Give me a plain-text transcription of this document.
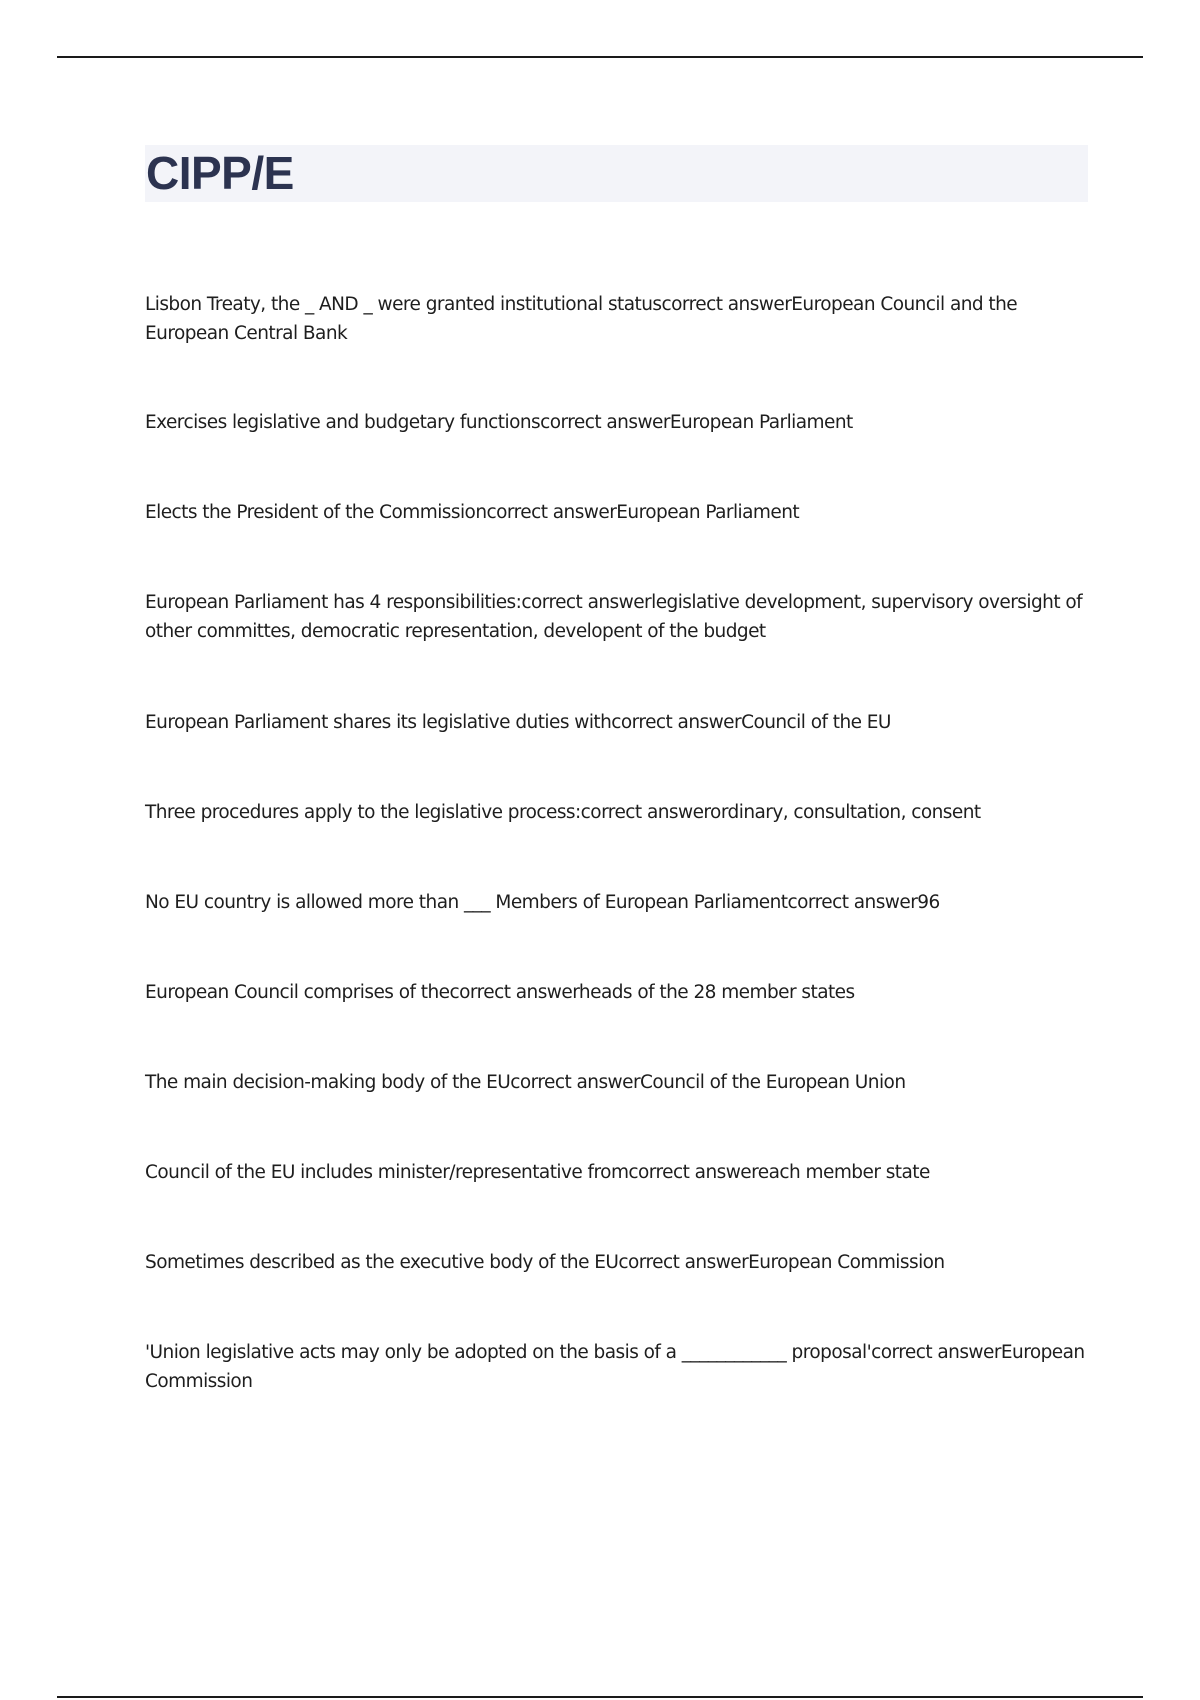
CIPP/E

Lisbon Treaty, the _ AND _ were granted institutional statuscorrect answerEuropean Council and the European Central Bank

Exercises legislative and budgetary functionscorrect answerEuropean Parliament

Elects the President of the Commissioncorrect answerEuropean Parliament

European Parliament has 4 responsibilities:correct answerlegislative development, supervisory oversight of other committes, democratic representation, developent of the budget

European Parliament shares its legislative duties withcorrect answerCouncil of the EU

Three procedures apply to the legislative process:correct answerordinary, consultation, consent

No EU country is allowed more than ___ Members of European Parliamentcorrect answer96

European Council comprises of thecorrect answerheads of the 28 member states

The main decision-making body of the EUcorrect answerCouncil of the European Union

Council of the EU includes minister/representative fromcorrect answereach member state

Sometimes described as the executive body of the EUcorrect answerEuropean Commission

'Union legislative acts may only be adopted on the basis of a ____________ proposal'correct answerEuropean Commission
